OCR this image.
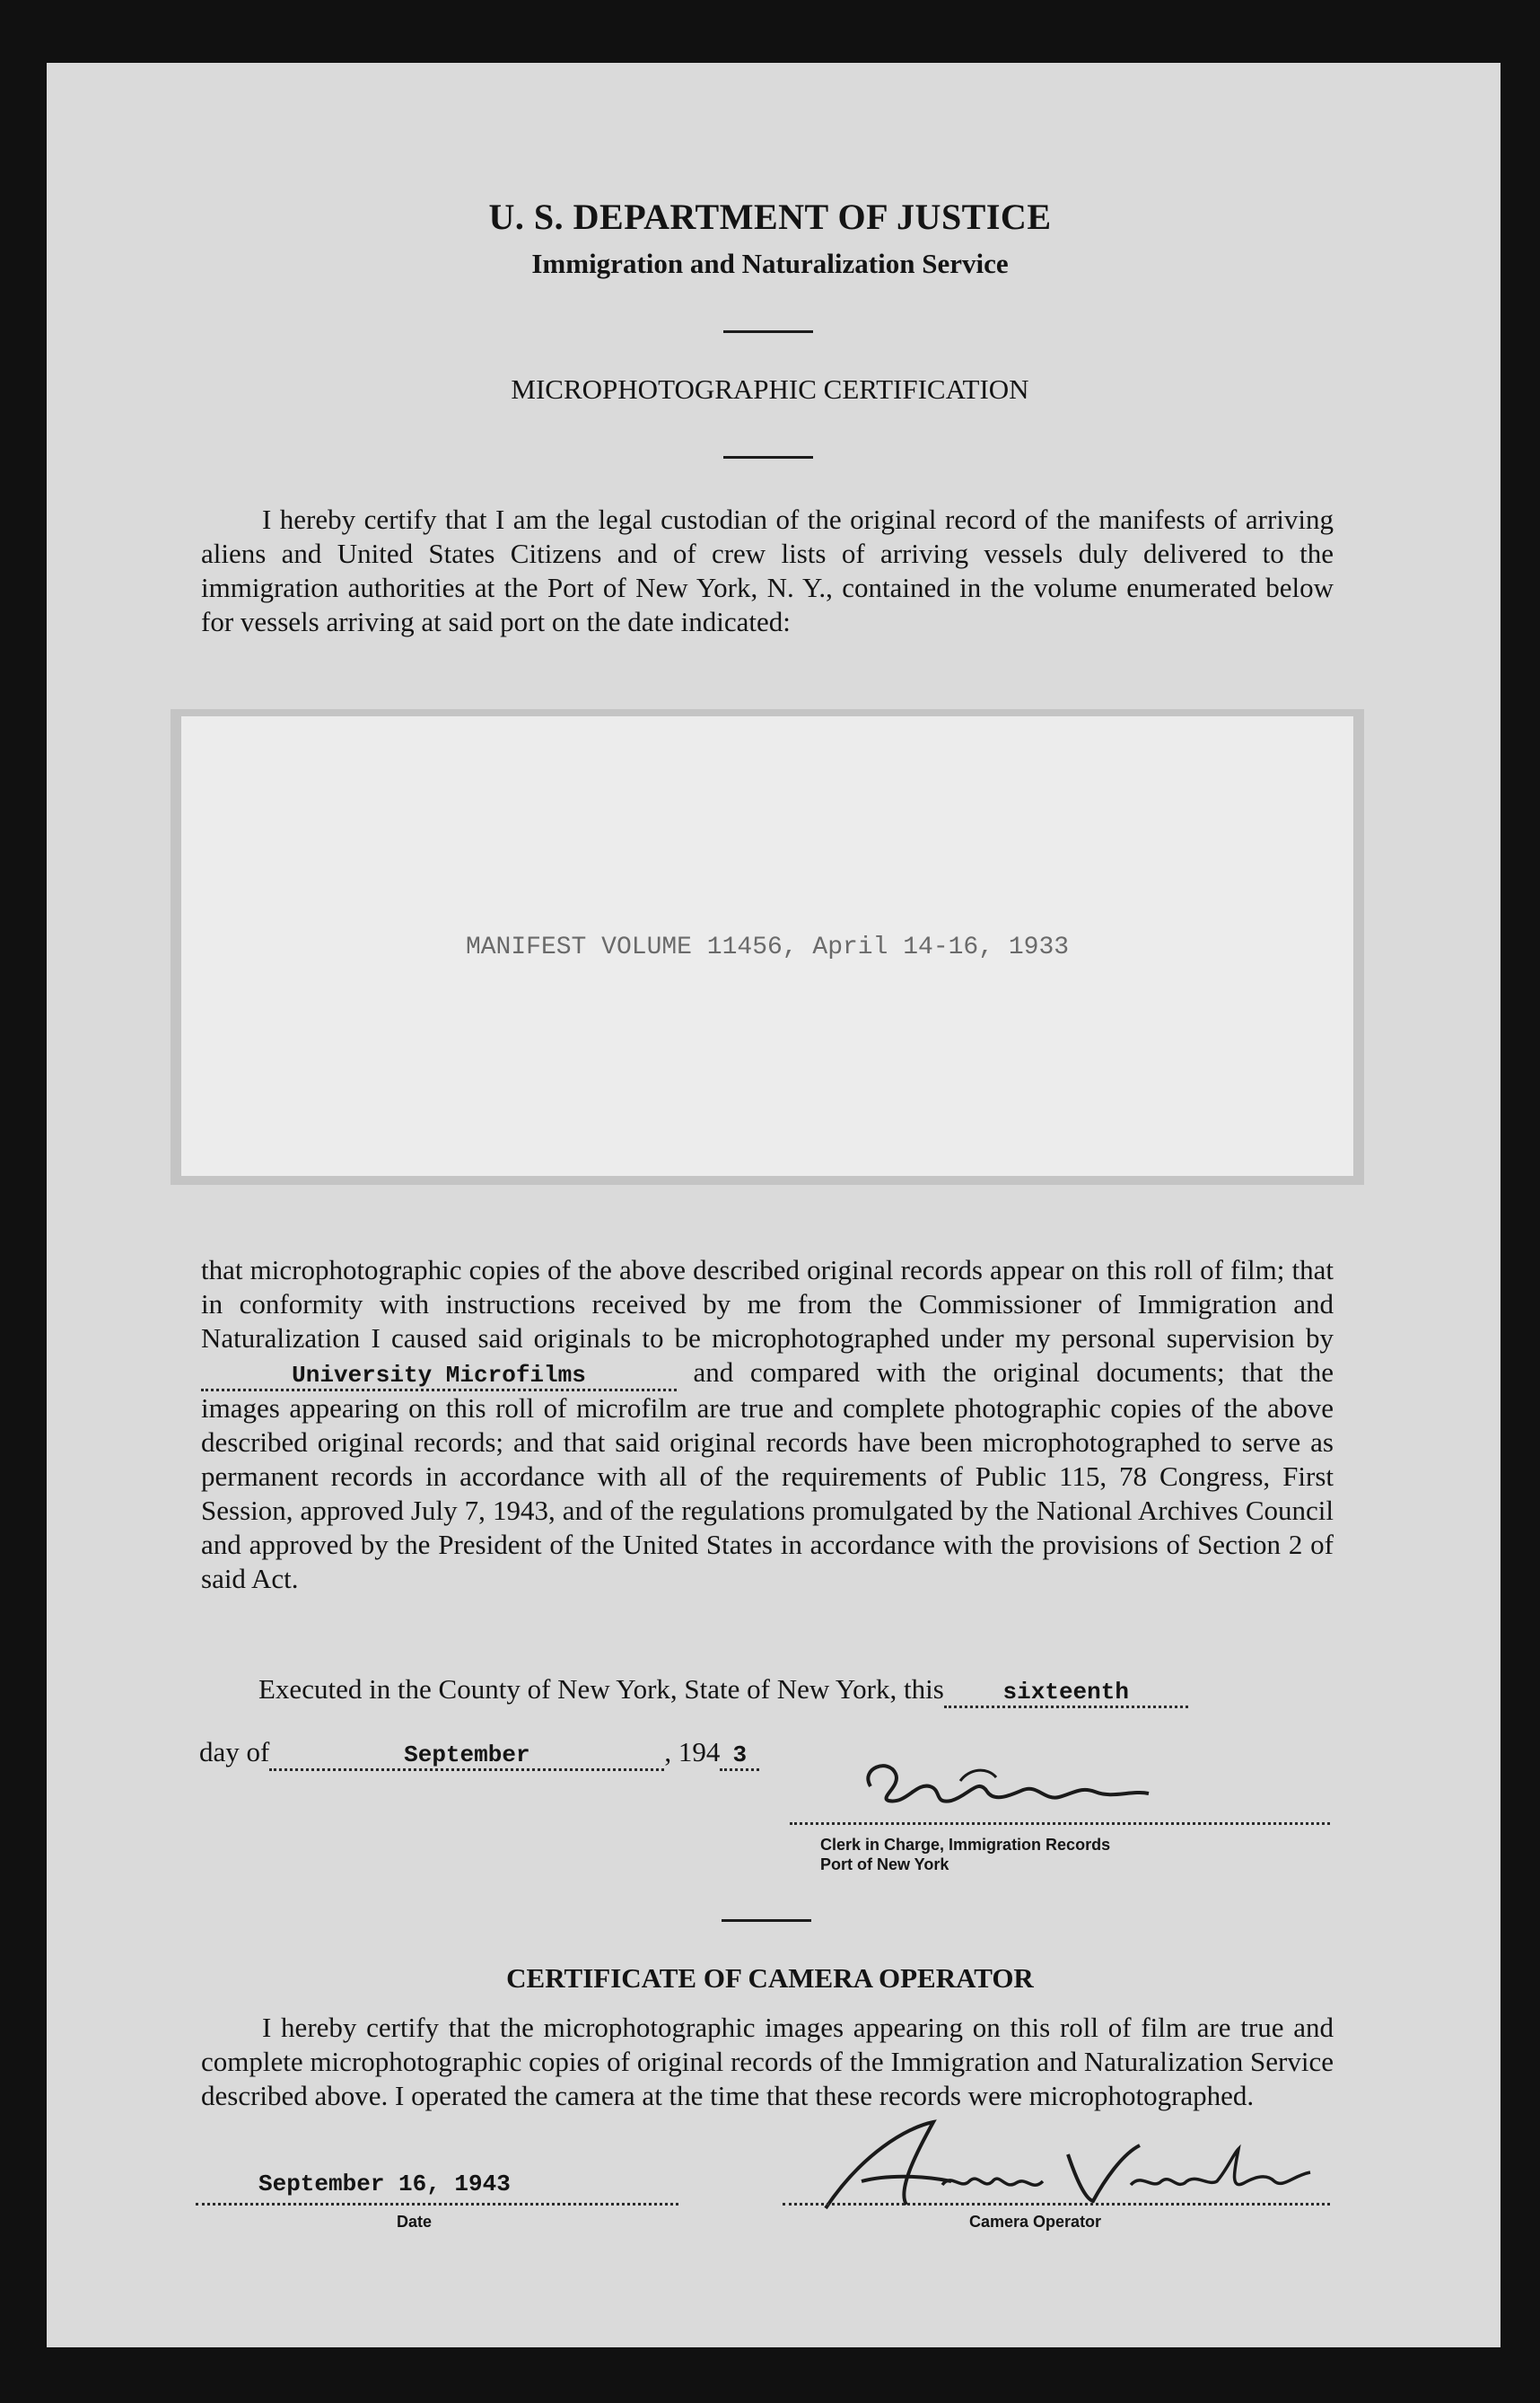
U. S. DEPARTMENT OF JUSTICE
Immigration and Naturalization Service
MICROPHOTOGRAPHIC CERTIFICATION

I hereby certify that I am the legal custodian of the original record of the manifests of arriving aliens and United States Citizens and of crew lists of arriving vessels duly delivered to the immigration authorities at the Port of New York, N. Y., contained in the volume enumerated below for vessels arriving at said port on the date indicated:

MANIFEST VOLUME 11456, April 14-16, 1933

that microphotographic copies of the above described original records appear on this roll of film; that in conformity with instructions received by me from the Commissioner of Immigration and Naturalization I caused said originals to be microphotographed under my personal supervision by University Microfilms	and compared with the original documents; that the images appearing on this roll of microfilm are true and complete photographic copies of the above described original records; and that said original records have been microphotographed to serve as permanent records in accordance with all of the requirements of Public 115, 78 Congress, First Session, approved July 7, 1943, and of the regulations promulgated by the National Archives Council and approved by the President of the United States in accordance with the provisions of Section 2 of said Act.

Executed in the County of New York, State of New York, this	sixteenth
day of	September	, 194 3
Clerk in Charge, Immigration Records
Port of New York
CERTIFICATE OF CAMERA OPERATOR

I hereby certify that the microphotographic images appearing on this roll of film are true and complete microphotographic copies of original records of the Immigration and Naturalization Service described above. I operated the camera at the time that these records were microphotographed.

September 16, 1943
Date	Camera Operator
